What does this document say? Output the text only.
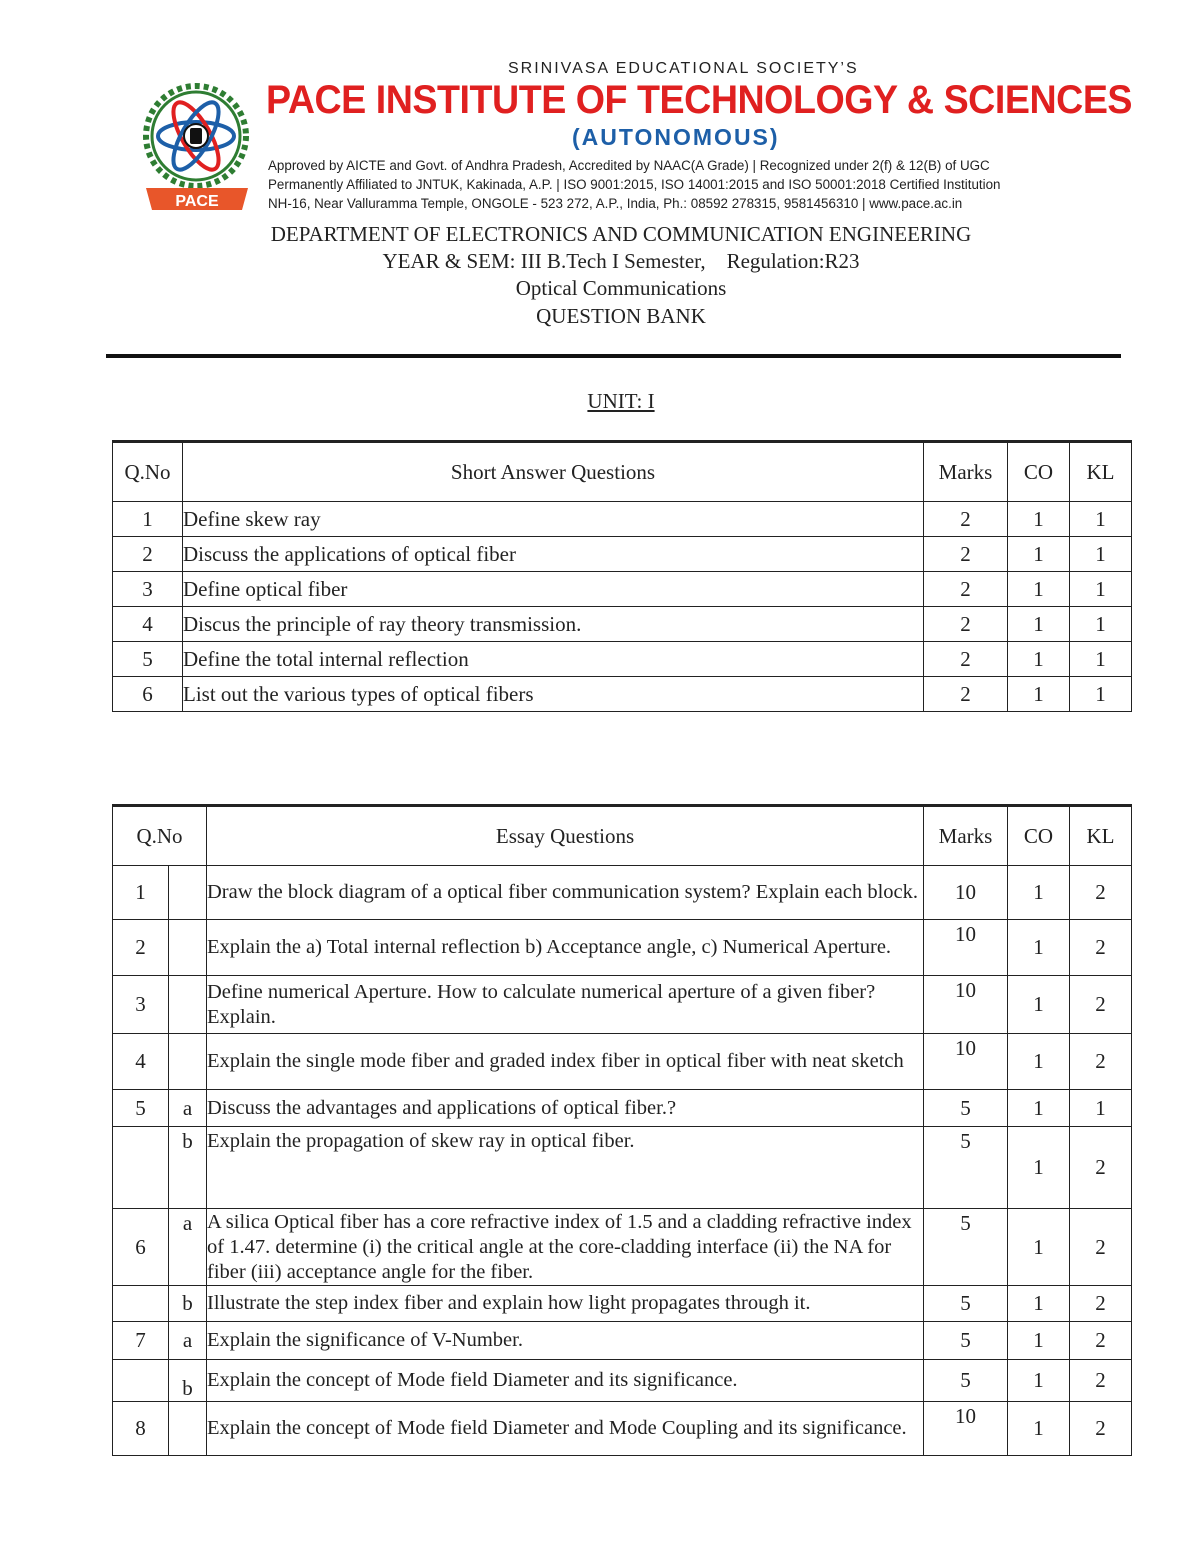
PACE
SRINIVASA EDUCATIONAL SOCIETY’S
PACE INSTITUTE OF TECHNOLOGY & SCIENCES
(AUTONOMOUS)
Approved by AICTE and Govt. of Andhra Pradesh, Accredited by NAAC(A Grade) | Recognized under 2(f) & 12(B) of UGC
Permanently Affiliated to JNTUK, Kakinada, A.P. | ISO 9001:2015, ISO 14001:2015 and ISO 50001:2018 Certified Institution
NH-16, Near Valluramma Temple, ONGOLE - 523 272, A.P., India, Ph.: 08592 278315, 9581456310 | www.pace.ac.in
DEPARTMENT OF ELECTRONICS AND COMMUNICATION ENGINEERING
YEAR & SEM: III B.Tech I Semester,    Regulation:R23
Optical Communications
QUESTION BANK
UNIT: I
Q.No	Short Answer Questions	Marks	CO	KL
1	Define skew ray	2	1	1
2	Discuss the applications of optical fiber	2	1	1
3	Define optical fiber	2	1	1
4	Discus the principle of ray theory transmission.	2	1	1
5	Define the total internal reflection	2	1	1
6	List out the various types of optical fibers	2	1	1
Q.No		Essay Questions	Marks	CO	KL
1		Draw the block diagram of a optical fiber communication system? Explain each block.	10	1	2
2		Explain the a) Total internal reflection b) Acceptance angle, c) Numerical Aperture.	10	1	2
3		Define numerical Aperture. How to calculate numerical aperture of a given fiber? Explain.	10	1	2
4		Explain the single mode fiber and graded index fiber in optical fiber with neat sketch	10	1	2
5	a	Discuss the advantages and applications of optical fiber.?	5	1	1
	b	Explain the propagation of skew ray in optical fiber.	5	1	2
6	a	A silica Optical fiber has a core refractive index of 1.5 and a cladding refractive index of 1.47. determine (i) the critical angle at the core-cladding interface (ii) the NA for fiber (iii) acceptance angle for the fiber.	5	1	2
	b	Illustrate the step index fiber and explain how light propagates through it.	5	1	2
7	a	Explain the significance of V-Number.	5	1	2
	b	Explain the concept of Mode field Diameter and its significance.	5	1	2
8		Explain the concept of Mode field Diameter and Mode Coupling and its significance.	10	1	2
